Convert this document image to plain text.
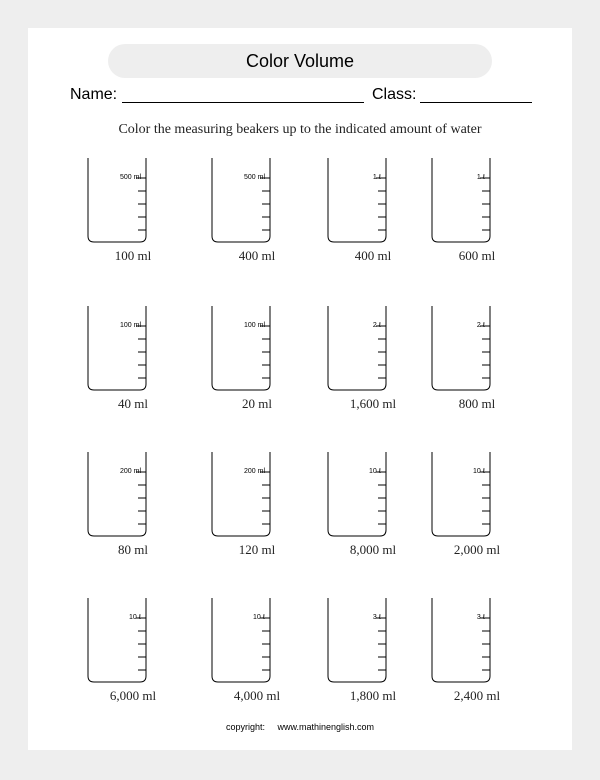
Color Volume
Name:	Class:
Color the measuring beakers up to the indicated amount of water
500 ml
100 ml
500 ml
400 ml
1 ℓ
400 ml
1 ℓ
600 ml
100 ml
40 ml
100 ml
20 ml
2 ℓ
1,600 ml
2 ℓ
800 ml
200 ml
80 ml
200 ml
120 ml
10 ℓ
8,000 ml
10 ℓ
2,000 ml
10 ℓ
6,000 ml
10 ℓ
4,000 ml
3 ℓ
1,800 ml
3 ℓ
2,400 ml
copyright: www.mathinenglish.com
